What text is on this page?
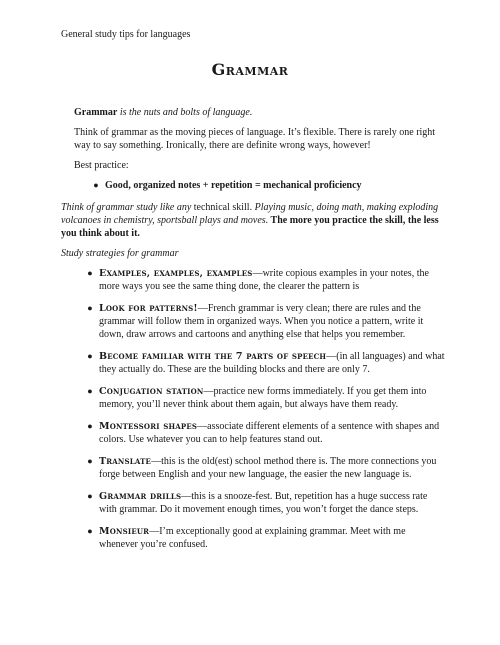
General study tips for languages
Grammar

Grammar is the nuts and bolts of language.

Think of grammar as the moving pieces of language. It’s flexible. There is rarely one right way to say something. Ironically, there are definite wrong ways, however!

Best practice:

● Good, organized notes + repetition = mechanical proficiency

Think of grammar study like any technical skill. Playing music, doing math, making exploding volcanoes in chemistry, sportsball plays and moves. The more you practice the skill, the less you think about it.

Study strategies for grammar

● Examples, examples, examples—write copious examples in your notes, the more ways you see the same thing done, the clearer the pattern is
● Look for patterns!—French grammar is very clean; there are rules and the grammar will follow them in organized ways. When you notice a pattern, write it down, draw arrows and cartoons and anything else that helps you remember.
● Become familiar with the 7 parts of speech—(in all languages) and what they actually do. These are the building blocks and there are only 7.
● Conjugation station—practice new forms immediately. If you get them into memory, you’ll never think about them again, but always have them ready.
● Montessori shapes—associate different elements of a sentence with shapes and colors. Use whatever you can to help features stand out.
● Translate—this is the old(est) school method there is. The more connections you forge between English and your new language, the easier the new language is.
● Grammar drills—this is a snooze-fest. But, repetition has a huge success rate with grammar. Do it movement enough times, you won’t forget the dance steps.
● Monsieur—I’m exceptionally good at explaining grammar. Meet with me whenever you’re confused.
